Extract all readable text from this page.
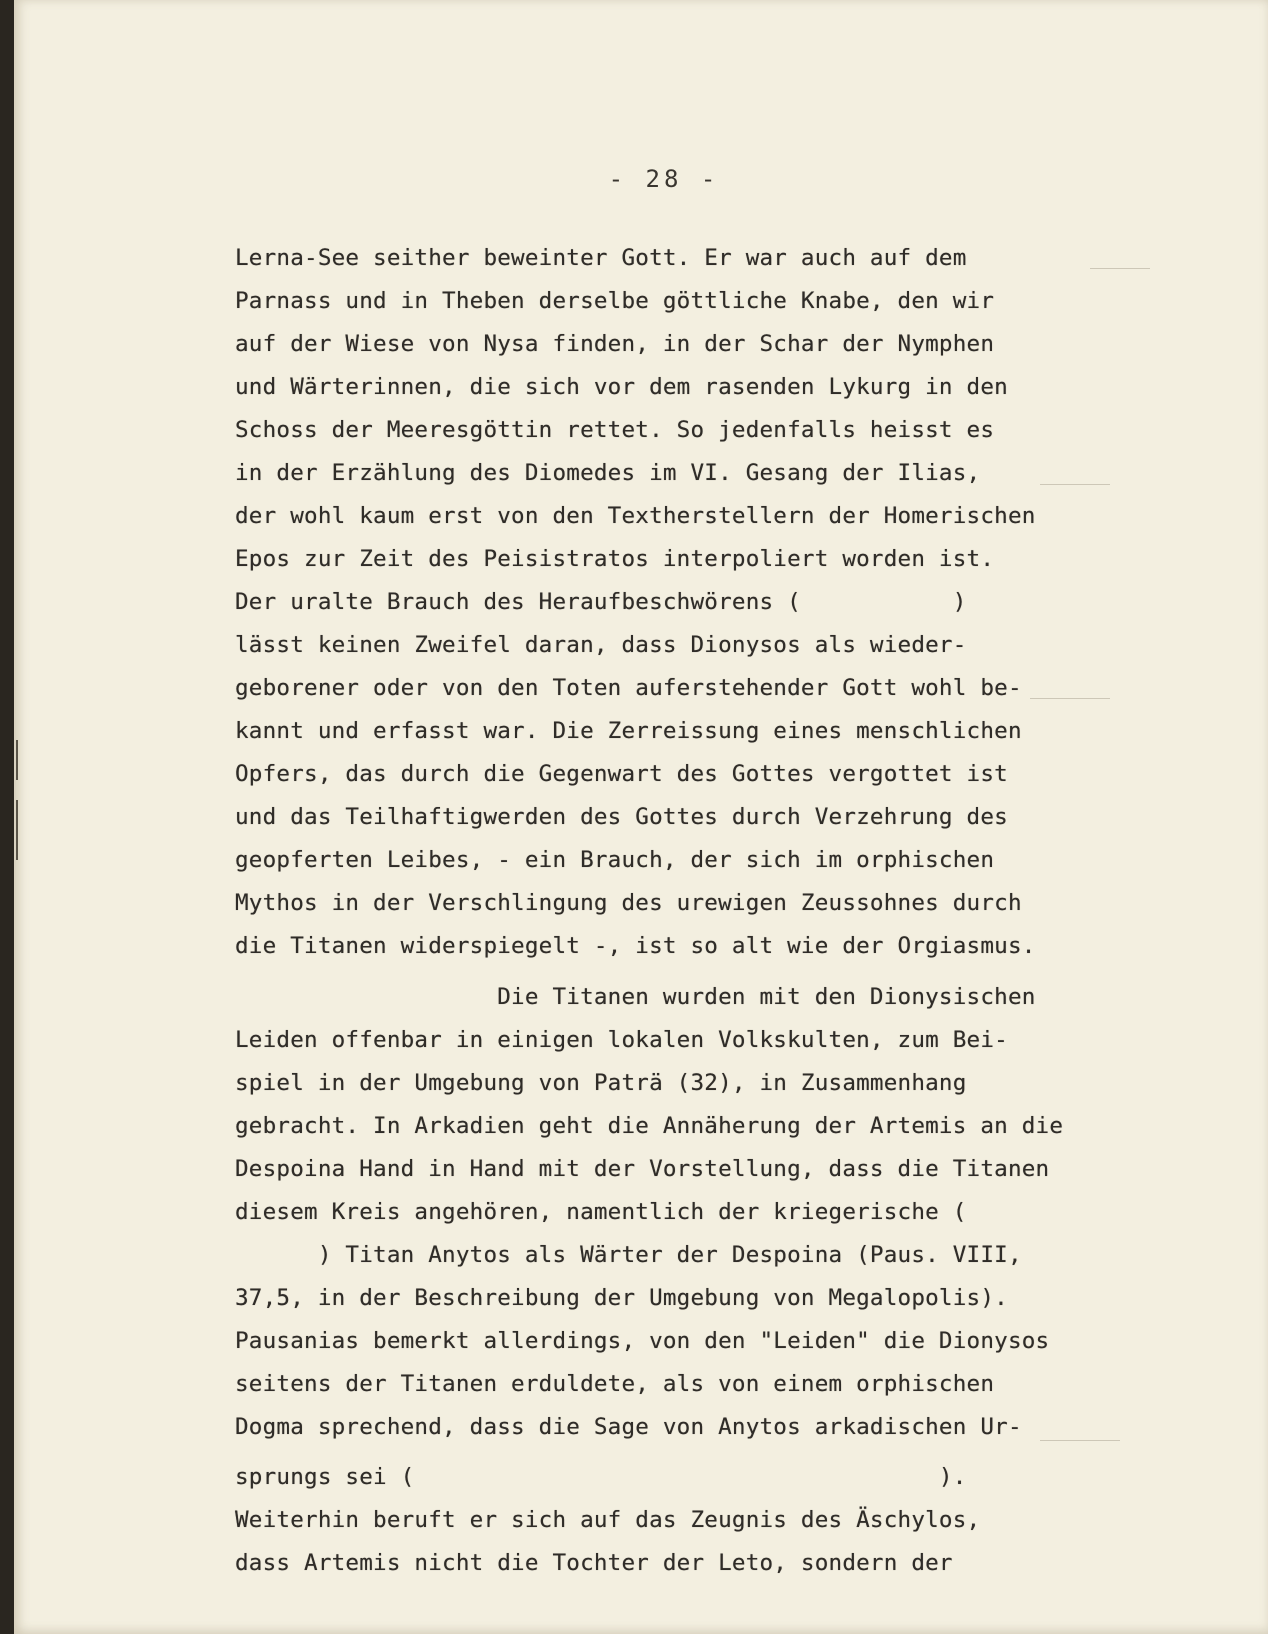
- 28 -
Lerna-See seither beweinter Gott. Er war auch auf dem
Parnass und in Theben derselbe göttliche Knabe, den wir
auf der Wiese von Nysa finden, in der Schar der Nymphen
und Wärterinnen, die sich vor dem rasenden Lykurg in den
Schoss der Meeresgöttin rettet. So jedenfalls heisst es
in der Erzählung des Diomedes im VI. Gesang der Ilias,
der wohl kaum erst von den Textherstellern der Homerischen
Epos zur Zeit des Peisistratos interpoliert worden ist.
Der uralte Brauch des Heraufbeschwörens (           )
lässt keinen Zweifel daran, dass Dionysos als wieder-
geborener oder von den Toten auferstehender Gott wohl be-
kannt und erfasst war. Die Zerreissung eines menschlichen
Opfers, das durch die Gegenwart des Gottes vergottet ist
und das Teilhaftigwerden des Gottes durch Verzehrung des
geopferten Leibes, - ein Brauch, der sich im orphischen
Mythos in der Verschlingung des urewigen Zeussohnes durch
die Titanen widerspiegelt -, ist so alt wie der Orgiasmus.
Die Titanen wurden mit den Dionysischen
Leiden offenbar in einigen lokalen Volkskulten, zum Bei-
spiel in der Umgebung von Paträ (32), in Zusammenhang
gebracht. In Arkadien geht die Annäherung der Artemis an die
Despoina Hand in Hand mit der Vorstellung, dass die Titanen
diesem Kreis angehören, namentlich der kriegerische (
) Titan Anytos als Wärter der Despoina (Paus. VIII,
37,5, in der Beschreibung der Umgebung von Megalopolis).
Pausanias bemerkt allerdings, von den "Leiden" die Dionysos
seitens der Titanen erduldete, als von einem orphischen
Dogma sprechend, dass die Sage von Anytos arkadischen Ur-
sprungs sei (                                      ).
Weiterhin beruft er sich auf das Zeugnis des Äschylos,
dass Artemis nicht die Tochter der Leto, sondern der
